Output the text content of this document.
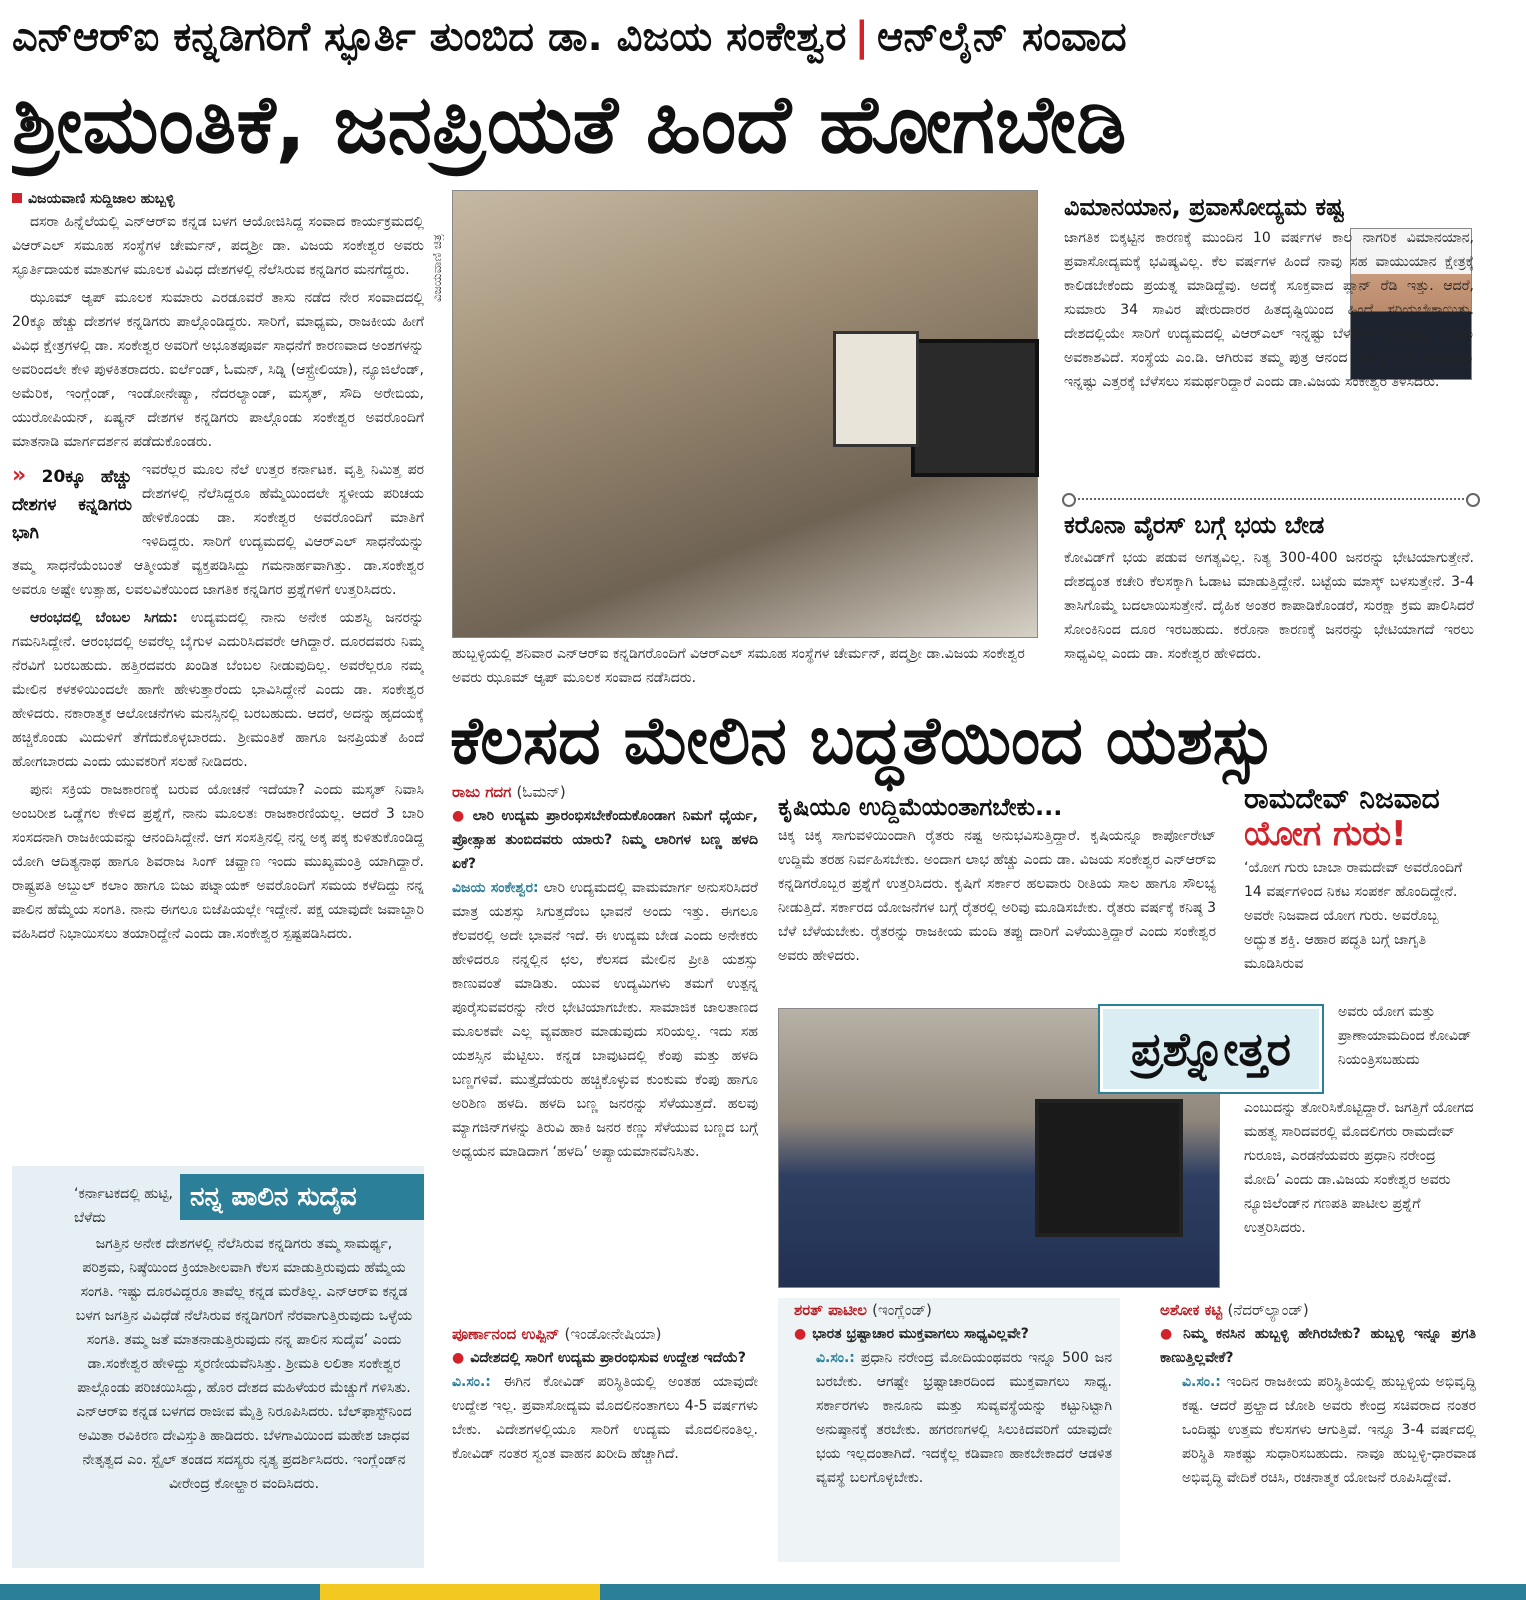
ಎನ್‌ಆರ್‌ಐ ಕನ್ನಡಿಗರಿಗೆ ಸ್ಫೂರ್ತಿ ತುಂಬಿದ ಡಾ. ವಿಜಯ ಸಂಕೇಶ್ವರ | ಆನ್‌ಲೈನ್ ಸಂವಾದ
ಶ್ರೀಮಂತಿಕೆ, ಜನಪ್ರಿಯತೆ ಹಿಂದೆ ಹೋಗಬೇಡಿ
ವಿಜಯವಾಣಿ ಸುದ್ದಿಜಾಲ ಹುಬ್ಬಳ್ಳಿ

ದಸರಾ ಹಿನ್ನೆಲೆಯಲ್ಲಿ ಎನ್‌ಆರ್‌ಐ ಕನ್ನಡ ಬಳಗ ಆಯೋಜಿಸಿದ್ದ ಸಂವಾದ ಕಾರ್ಯಕ್ರಮದಲ್ಲಿ ವಿಆರ್‌ಎಲ್ ಸಮೂಹ ಸಂಸ್ಥೆಗಳ ಚೇರ್ಮನ್, ಪದ್ಮಶ್ರೀ ಡಾ. ವಿಜಯ ಸಂಕೇಶ್ವರ ಅವರು ಸ್ಫೂರ್ತಿದಾಯಕ ಮಾತುಗಳ ಮೂಲಕ ವಿವಿಧ ದೇಶಗಳಲ್ಲಿ ನೆಲೆಸಿರುವ ಕನ್ನಡಿಗರ ಮನಗೆದ್ದರು.

ಝೂಮ್ ಆ್ಯಪ್ ಮೂಲಕ ಸುಮಾರು ಎರಡೂವರೆ ತಾಸು ನಡೆದ ನೇರ ಸಂವಾದದಲ್ಲಿ 20ಕ್ಕೂ ಹೆಚ್ಚು ದೇಶಗಳ ಕನ್ನಡಿಗರು ಪಾಲ್ಗೊಂಡಿದ್ದರು. ಸಾರಿಗೆ, ಮಾಧ್ಯಮ, ರಾಜಕೀಯ ಹೀಗೆ ವಿವಿಧ ಕ್ಷೇತ್ರಗಳಲ್ಲಿ ಡಾ. ಸಂಕೇಶ್ವರ ಅವರಿಗೆ ಅಭೂತಪೂರ್ವ ಸಾಧನೆಗೆ ಕಾರಣವಾದ ಅಂಶಗಳನ್ನು ಅವರಿಂದಲೇ ಕೇಳಿ ಪುಳಕಿತರಾದರು. ಐರ್ಲೆಂಡ್, ಓಮನ್, ಸಿಡ್ನಿ (ಆಸ್ಟ್ರೇಲಿಯಾ), ನ್ಯೂಜಿಲೆಂಡ್, ಅಮೆರಿಕ, ಇಂಗ್ಲೆಂಡ್, ಇಂಡೋನೇಷ್ಯಾ, ನೆದರಲ್ಯಾಂಡ್, ಮಸ್ಕತ್, ಸೌದಿ ಅರೇಬಿಯ, ಯುರೋಪಿಯನ್, ಏಷ್ಯನ್ ದೇಶಗಳ ಕನ್ನಡಿಗರು ಪಾಲ್ಗೊಂಡು ಸಂಕೇಶ್ವರ ಅವರೊಂದಿಗೆ ಮಾತನಾಡಿ ಮಾರ್ಗದರ್ಶನ ಪಡೆದುಕೊಂಡರು.

» 20ಕ್ಕೂ ಹೆಚ್ಚು ದೇಶಗಳ ಕನ್ನಡಿಗರು ಭಾಗಿ

ಇವರೆಲ್ಲರ ಮೂಲ ನೆಲೆ ಉತ್ತರ ಕರ್ನಾಟಕ. ವೃತ್ತಿ ನಿಮಿತ್ತ ಪರ ದೇಶಗಳಲ್ಲಿ ನೆಲೆಸಿದ್ದರೂ ಹೆಮ್ಮೆಯಿಂದಲೇ ಸ್ಥಳೀಯ ಪರಿಚಯ ಹೇಳಿಕೊಂಡು ಡಾ. ಸಂಕೇಶ್ವರ ಅವರೊಂದಿಗೆ ಮಾತಿಗೆ ಇಳಿದಿದ್ದರು. ಸಾರಿಗೆ ಉದ್ಯಮದಲ್ಲಿ ವಿಆರ್‌ಎಲ್ ಸಾಧನೆಯನ್ನು ತಮ್ಮ ಸಾಧನೆಯೆಂಬಂತೆ ಆತ್ಮೀಯತೆ ವ್ಯಕ್ತಪಡಿಸಿದ್ದು ಗಮನಾರ್ಹವಾಗಿತ್ತು. ಡಾ.ಸಂಕೇಶ್ವರ ಅವರೂ ಅಷ್ಟೇ ಉತ್ಸಾಹ, ಲವಲವಿಕೆಯಿಂದ ಜಾಗತಿಕ ಕನ್ನಡಿಗರ ಪ್ರಶ್ನೆಗಳಿಗೆ ಉತ್ತರಿಸಿದರು.

ಆರಂಭದಲ್ಲಿ ಬೆಂಬಲ ಸಿಗದು: ಉದ್ಯಮದಲ್ಲಿ ನಾನು ಅನೇಕ ಯಶಸ್ವಿ ಜನರನ್ನು ಗಮನಿಸಿದ್ದೇನೆ. ಆರಂಭದಲ್ಲಿ ಅವರೆಲ್ಲ ಬೈಗುಳ ಎದುರಿಸಿದವರೇ ಆಗಿದ್ದಾರೆ. ದೂರದವರು ನಿಮ್ಮ ನೆರವಿಗೆ ಬರಬಹುದು. ಹತ್ತಿರದವರು ಖಂಡಿತ ಬೆಂಬಲ ನೀಡುವುದಿಲ್ಲ. ಅವರೆಲ್ಲರೂ ನಮ್ಮ ಮೇಲಿನ ಕಳಕಳಿಯಿಂದಲೇ ಹಾಗೇ ಹೇಳುತ್ತಾರೆಂದು ಭಾವಿಸಿದ್ದೇನೆ ಎಂದು ಡಾ. ಸಂಕೇಶ್ವರ ಹೇಳಿದರು. ನಕಾರಾತ್ಮಕ ಆಲೋಚನೆಗಳು ಮನಸ್ಸಿನಲ್ಲಿ ಬರಬಹುದು. ಆದರೆ, ಅದನ್ನು ಹೃದಯಕ್ಕೆ ಹಚ್ಚಿಕೊಂಡು ಮಿದುಳಿಗೆ ತೆಗೆದುಕೊಳ್ಳಬಾರದು. ಶ್ರೀಮಂತಿಕೆ ಹಾಗೂ ಜನಪ್ರಿಯತೆ ಹಿಂದೆ ಹೋಗಬಾರದು ಎಂದು ಯುವಕರಿಗೆ ಸಲಹೆ ನೀಡಿದರು.

ಪುನಃ ಸಕ್ರಿಯ ರಾಜಕಾರಣಕ್ಕೆ ಬರುವ ಯೋಚನೆ ಇದೆಯಾ? ಎಂದು ಮಸ್ಕತ್ ನಿವಾಸಿ ಅಂಬರೀಶ ಒಡ್ಡೆಗಲ ಕೇಳಿದ ಪ್ರಶ್ನೆಗೆ, ನಾನು ಮೂಲತಃ ರಾಜಕಾರಣಿಯಲ್ಲ. ಆದರೆ 3 ಬಾರಿ ಸಂಸದನಾಗಿ ರಾಜಕೀಯವನ್ನು ಆನಂದಿಸಿದ್ದೇನೆ. ಆಗ ಸಂಸತ್ತಿನಲ್ಲಿ ನನ್ನ ಅಕ್ಕ ಪಕ್ಕ ಕುಳಿತುಕೊಂಡಿದ್ದ ಯೋಗಿ ಆದಿತ್ಯನಾಥ ಹಾಗೂ ಶಿವರಾಜ ಸಿಂಗ್ ಚವ್ಹಾಣ ಇಂದು ಮುಖ್ಯಮಂತ್ರಿ ಯಾಗಿದ್ದಾರೆ. ರಾಷ್ಟ್ರಪತಿ ಅಬ್ದುಲ್ ಕಲಾಂ ಹಾಗೂ ಬಿಜು ಪಟ್ನಾಯಕ್ ಅವರೊಂದಿಗೆ ಸಮಯ ಕಳೆದಿದ್ದು ನನ್ನ ಪಾಲಿನ ಹೆಮ್ಮೆಯ ಸಂಗತಿ. ನಾನು ಈಗಲೂ ಬಿಜೆಪಿಯಲ್ಲೇ ಇದ್ದೇನೆ. ಪಕ್ಷ ಯಾವುದೇ ಜವಾಬ್ದಾರಿ ವಹಿಸಿದರೆ ನಿಭಾಯಿಸಲು ತಯಾರಿದ್ದೇನೆ ಎಂದು ಡಾ.ಸಂಕೇಶ್ವರ ಸ್ಪಷ್ಟಪಡಿಸಿದರು.

‘ಕರ್ನಾಟಕದಲ್ಲಿ ಹುಟ್ಟಿ, ಬೆಳೆದು
ನನ್ನ ಪಾಲಿನ ಸುದೈವ
ಜಗತ್ತಿನ ಅನೇಕ ದೇಶಗಳಲ್ಲಿ ನೆಲೆಸಿರುವ ಕನ್ನಡಿಗರು ತಮ್ಮ ಸಾಮರ್ಥ್ಯ, ಪರಿಶ್ರಮ, ನಿಷ್ಠೆಯಿಂದ ಕ್ರಿಯಾಶೀಲವಾಗಿ ಕೆಲಸ ಮಾಡುತ್ತಿರುವುದು ಹೆಮ್ಮೆಯ ಸಂಗತಿ. ಇಷ್ಟು ದೂರವಿದ್ದರೂ ತಾವೆಲ್ಲ ಕನ್ನಡ ಮರೆತಿಲ್ಲ. ಎನ್‌ಆರ್‌ಐ ಕನ್ನಡ ಬಳಗ ಜಗತ್ತಿನ ವಿವಿಧೆಡೆ ನೆಲೆಸಿರುವ ಕನ್ನಡಿಗರಿಗೆ ನೆರವಾಗುತ್ತಿರುವುದು ಒಳ್ಳೆಯ ಸಂಗತಿ. ತಮ್ಮ ಜತೆ ಮಾತನಾಡುತ್ತಿರುವುದು ನನ್ನ ಪಾಲಿನ ಸುದೈವ’ ಎಂದು ಡಾ.ಸಂಕೇಶ್ವರ ಹೇಳಿದ್ದು ಸ್ಮರಣೀಯವೆನಿಸಿತ್ತು. ಶ್ರೀಮತಿ ಲಲಿತಾ ಸಂಕೇಶ್ವರ ಪಾಲ್ಗೊಂಡು ಪರಿಚಯಿಸಿದ್ದು, ಹೊರ ದೇಶದ ಮಹಿಳೆಯರ ಮೆಚ್ಚುಗೆ ಗಳಿಸಿತು. ಎನ್‌ಆರ್‌ಐ ಕನ್ನಡ ಬಳಗದ ರಾಜೀವ ಮೈತ್ರಿ ನಿರೂಪಿಸಿದರು. ಬೆಲ್‌ಫಾಸ್ಟ್‌ನಿಂದ ಅಮಿತಾ ರವಿಕಿರಣ ದೇವಿಸ್ತುತಿ ಹಾಡಿದರು. ಬೆಳಗಾವಿಯಿಂದ ಮಹೇಶ ಜಾಧವ ನೇತೃತ್ವದ ಎಂ. ಸ್ಟೈಲ್ ತಂಡದ ಸದಸ್ಯರು ನೃತ್ಯ ಪ್ರದರ್ಶಿಸಿದರು. ಇಂಗ್ಲೆಂಡ್‌ನ ವೀರೇಂದ್ರ ಕೋಲ್ಹಾರ ವಂದಿಸಿದರು.
ವಿಜಯವಾಣಿ ಚಿತ್ರ
ಹುಬ್ಬಳ್ಳಿಯಲ್ಲಿ ಶನಿವಾರ ಎನ್‌ಆರ್‌ಐ ಕನ್ನಡಿಗರೊಂದಿಗೆ ವಿಆರ್‌ಎಲ್ ಸಮೂಹ ಸಂಸ್ಥೆಗಳ ಚೇರ್ಮನ್, ಪದ್ಮಶ್ರೀ ಡಾ.ವಿಜಯ ಸಂಕೇಶ್ವರ ಅವರು ಝೂಮ್ ಆ್ಯಪ್ ಮೂಲಕ ಸಂವಾದ ನಡೆಸಿದರು.
ವಿಮಾನಯಾನ, ಪ್ರವಾಸೋದ್ಯಮ ಕಷ್ಟ
ಜಾಗತಿಕ ಬಿಕ್ಕಟ್ಟಿನ ಕಾರಣಕ್ಕೆ ಮುಂದಿನ 10 ವರ್ಷಗಳ ಕಾಲ ನಾಗರಿಕ ವಿಮಾನಯಾನ, ಪ್ರವಾಸೋದ್ಯಮಕ್ಕೆ ಭವಿಷ್ಯವಿಲ್ಲ. ಕೆಲ ವರ್ಷಗಳ ಹಿಂದೆ ನಾವು ಸಹ ವಾಯುಯಾನ ಕ್ಷೇತ್ರಕ್ಕೆ ಕಾಲಿಡಬೇಕೆಂದು ಪ್ರಯತ್ನ ಮಾಡಿದ್ದೆವು. ಅದಕ್ಕೆ ಸೂಕ್ತವಾದ ಪ್ಲಾನ್ ರೆಡಿ ಇತ್ತು. ಆದರೆ, ಸುಮಾರು 34 ಸಾವಿರ ಷೇರುದಾರರ ಹಿತದೃಷ್ಟಿಯಿಂದ ಹಿಂದೆ ಸರಿಯಬೇಕಾಯಿತು. ದೇಶದಲ್ಲಿಯೇ ಸಾರಿಗೆ ಉದ್ಯಮದಲ್ಲಿ ವಿಆರ್‌ಎಲ್ ಇನ್ನಷ್ಟು ಬೆಳವಣಿಗೆ ಹೊಂದಲು ಸಾಕಷ್ಟು ಅವಕಾಶವಿದೆ. ಸಂಸ್ಥೆಯ ಎಂ.ಡಿ. ಆಗಿರುವ ತಮ್ಮ ಪುತ್ರ ಆನಂದ ಸಂಕೇಶ್ವರ ಈ ಸಂಸ್ಥೆಯನ್ನು ಇನ್ನಷ್ಟು ಎತ್ತರಕ್ಕೆ ಬೆಳೆಸಲು ಸಮರ್ಥರಿದ್ದಾರೆ ಎಂದು ಡಾ.ವಿಜಯ ಸಂಕೇಶ್ವರ ತಿಳಿಸಿದರು.
ಕರೊನಾ ವೈರಸ್ ಬಗ್ಗೆ ಭಯ ಬೇಡ
ಕೋವಿಡ್‌ಗೆ ಭಯ ಪಡುವ ಅಗತ್ಯವಿಲ್ಲ. ನಿತ್ಯ 300-400 ಜನರನ್ನು ಭೇಟಿಯಾಗುತ್ತೇನೆ. ದೇಶದ್ಯಂತ ಕಚೇರಿ ಕೆಲಸಕ್ಕಾಗಿ ಓಡಾಟ ಮಾಡುತ್ತಿದ್ದೇನೆ. ಬಟ್ಟೆಯ ಮಾಸ್ಕ್ ಬಳಸುತ್ತೇನೆ. 3-4 ತಾಸಿಗೊಮ್ಮೆ ಬದಲಾಯಿಸುತ್ತೇನೆ. ದೈಹಿಕ ಅಂತರ ಕಾಪಾಡಿಕೊಂಡರೆ, ಸುರಕ್ಷಾ ಕ್ರಮ ಪಾಲಿಸಿದರೆ ಸೋಂಕಿನಿಂದ ದೂರ ಇರಬಹುದು. ಕರೊನಾ ಕಾರಣಕ್ಕೆ ಜನರನ್ನು ಭೇಟಿಯಾಗದೆ ಇರಲು ಸಾಧ್ಯವಿಲ್ಲ ಎಂದು ಡಾ. ಸಂಕೇಶ್ವರ ಹೇಳಿದರು.
ಕೆಲಸದ ಮೇಲಿನ ಬದ್ಧತೆಯಿಂದ ಯಶಸ್ಸು
ರಾಜು ಗದಗ (ಓಮನ್)
● ಲಾರಿ ಉದ್ಯಮ ಪ್ರಾರಂಭಿಸಬೇಕೆಂದುಕೊಂಡಾಗ ನಿಮಗೆ ಧೈರ್ಯ, ಪ್ರೋತ್ಸಾಹ ತುಂಬಿದವರು ಯಾರು? ನಿಮ್ಮ ಲಾರಿಗಳ ಬಣ್ಣ ಹಳದಿ ಏಕೆ?
ವಿಜಯ ಸಂಕೇಶ್ವರ: ಲಾರಿ ಉದ್ಯಮದಲ್ಲಿ ವಾಮಮಾರ್ಗ ಅನುಸರಿಸಿದರೆ ಮಾತ್ರ ಯಶಸ್ಸು ಸಿಗುತ್ತದೆಂಬ ಭಾವನೆ ಅಂದು ಇತ್ತು. ಈಗಲೂ ಕೆಲವರಲ್ಲಿ ಅದೇ ಭಾವನೆ ಇದೆ. ಈ ಉದ್ಯಮ ಬೇಡ ಎಂದು ಅನೇಕರು ಹೇಳಿದರೂ ನನ್ನಲ್ಲಿನ ಛಲ, ಕೆಲಸದ ಮೇಲಿನ ಪ್ರೀತಿ ಯಶಸ್ಸು ಕಾಣುವಂತೆ ಮಾಡಿತು. ಯುವ ಉದ್ಯಮಿಗಳು ತಮಗೆ ಉತ್ಪನ್ನ ಪೂರೈಸುವವರನ್ನು ನೇರ ಭೇಟಿಯಾಗಬೇಕು. ಸಾಮಾಜಿಕ ಜಾಲತಾಣದ ಮೂಲಕವೇ ಎಲ್ಲ ವ್ಯವಹಾರ ಮಾಡುವುದು ಸರಿಯಲ್ಲ. ಇದು ಸಹ ಯಶಸ್ಸಿನ ಮೆಟ್ಟಿಲು. ಕನ್ನಡ ಬಾವುಟದಲ್ಲಿ ಕೆಂಪು ಮತ್ತು ಹಳದಿ ಬಣ್ಣಗಳಿವೆ. ಮುತ್ತೈದೆಯರು ಹಚ್ಚಿಕೊಳ್ಳುವ ಕುಂಕುಮ ಕೆಂಪು ಹಾಗೂ ಅರಿಶಿಣ ಹಳದಿ. ಹಳದಿ ಬಣ್ಣ ಜನರನ್ನು ಸೆಳೆಯುತ್ತದೆ. ಹಲವು ಮ್ಯಾಗಜಿನ್‌ಗಳನ್ನು ತಿರುವಿ ಹಾಕಿ ಜನರ ಕಣ್ಣು ಸೆಳೆಯುವ ಬಣ್ಣದ ಬಗ್ಗೆ ಅಧ್ಯಯನ ಮಾಡಿದಾಗ ‘ಹಳದಿ’ ಅಪ್ಯಾಯಮಾನವೆನಿಸಿತು.
ಪೂರ್ಣಾನಂದ ಉಪ್ಪಿನ್ (ಇಂಡೋನೇಷಿಯಾ)
● ವಿದೇಶದಲ್ಲಿ ಸಾರಿಗೆ ಉದ್ಯಮ ಪ್ರಾರಂಭಿಸುವ ಉದ್ದೇಶ ಇದೆಯೆ?
ವಿ.ಸಂ.: ಈಗಿನ ಕೋವಿಡ್ ಪರಿಸ್ಥಿತಿಯಲ್ಲಿ ಅಂತಹ ಯಾವುದೇ ಉದ್ದೇಶ ಇಲ್ಲ. ಪ್ರವಾಸೋದ್ಯಮ ಮೊದಲಿನಂತಾಗಲು 4-5 ವರ್ಷಗಳು ಬೇಕು. ವಿದೇಶಗಳಲ್ಲಿಯೂ ಸಾರಿಗೆ ಉದ್ಯಮ ಮೊದಲಿನಂತಿಲ್ಲ. ಕೋವಿಡ್ ನಂತರ ಸ್ವಂತ ವಾಹನ ಖರೀದಿ ಹೆಚ್ಚಾಗಿದೆ.
ಕೃಷಿಯೂ ಉದ್ದಿಮೆಯಂತಾಗಬೇಕು...
ಚಿಕ್ಕ ಚಿಕ್ಕ ಸಾಗುವಳಿಯಿಂದಾಗಿ ರೈತರು ನಷ್ಟ ಅನುಭವಿಸುತ್ತಿದ್ದಾರೆ. ಕೃಷಿಯನ್ನೂ ಕಾರ್ಪೋರೇಟ್ ಉದ್ದಿಮೆ ತರಹ ನಿರ್ವಹಿಸಬೇಕು. ಅಂದಾಗ ಲಾಭ ಹೆಚ್ಚು ಎಂದು ಡಾ. ವಿಜಯ ಸಂಕೇಶ್ವರ ಎನ್‌ಆರ್‌ಐ ಕನ್ನಡಿಗರೊಬ್ಬರ ಪ್ರಶ್ನೆಗೆ ಉತ್ತರಿಸಿದರು. ಕೃಷಿಗೆ ಸರ್ಕಾರ ಹಲವಾರು ರೀತಿಯ ಸಾಲ ಹಾಗೂ ಸೌಲಭ್ಯ ನೀಡುತ್ತಿದೆ. ಸರ್ಕಾರದ ಯೋಜನೆಗಳ ಬಗ್ಗೆ ರೈತರಲ್ಲಿ ಅರಿವು ಮೂಡಿಸಬೇಕು. ರೈತರು ವರ್ಷಕ್ಕೆ ಕನಿಷ್ಠ 3 ಬೆಳೆ ಬೆಳೆಯಬೇಕು. ರೈತರನ್ನು ರಾಜಕೀಯ ಮಂದಿ ತಪ್ಪು ದಾರಿಗೆ ಎಳೆಯುತ್ತಿದ್ದಾರೆ ಎಂದು ಸಂಕೇಶ್ವರ ಅವರು ಹೇಳಿದರು.
ಪ್ರಶ್ನೋತ್ತರ
ರಾಮದೇವ್ ನಿಜವಾದ
ಯೋಗ ಗುರು!
‘ಯೋಗ ಗುರು ಬಾಬಾ ರಾಮದೇವ್ ಅವರೊಂದಿಗೆ 14 ವರ್ಷಗಳಿಂದ ನಿಕಟ ಸಂಪರ್ಕ ಹೊಂದಿದ್ದೇನೆ. ಅವರೇ ನಿಜವಾದ ಯೋಗ ಗುರು. ಅವರೊಬ್ಬ ಅದ್ಭುತ ಶಕ್ತಿ. ಆಹಾರ ಪದ್ಧತಿ ಬಗ್ಗೆ ಜಾಗೃತಿ ಮೂಡಿಸಿರುವ
ಅವರು ಯೋಗ ಮತ್ತು ಪ್ರಾಣಾಯಾಮದಿಂದ ಕೋವಿಡ್ ನಿಯಂತ್ರಿಸಬಹುದು
ಎಂಬುದನ್ನು ತೋರಿಸಿಕೊಟ್ಟಿದ್ದಾರೆ. ಜಗತ್ತಿಗೆ ಯೋಗದ ಮಹತ್ವ ಸಾರಿದವರಲ್ಲಿ ಮೊದಲಿಗರು ರಾಮದೇವ್ ಗುರೂಜಿ, ಎರಡನೆಯವರು ಪ್ರಧಾನಿ ನರೇಂದ್ರ ಮೋದಿ’ ಎಂದು ಡಾ.ವಿಜಯ ಸಂಕೇಶ್ವರ ಅವರು ನ್ಯೂಜಿಲೆಂಡ್‌ನ ಗಣಪತಿ ಪಾಟೀಲ ಪ್ರಶ್ನೆಗೆ ಉತ್ತರಿಸಿದರು.
ಶರತ್ ಪಾಟೀಲ (ಇಂಗ್ಲೆಂಡ್)
● ಭಾರತ ಭ್ರಷ್ಟಾಚಾರ ಮುಕ್ತವಾಗಲು ಸಾಧ್ಯವಿಲ್ಲವೇ?
ವಿ.ಸಂ.: ಪ್ರಧಾನಿ ನರೇಂದ್ರ ಮೋದಿಯಂಥವರು ಇನ್ನೂ 500 ಜನ ಬರಬೇಕು. ಆಗಷ್ಟೇ ಭ್ರಷ್ಟಾಚಾರದಿಂದ ಮುಕ್ತವಾಗಲು ಸಾಧ್ಯ. ಸರ್ಕಾರಗಳು ಕಾನೂನು ಮತ್ತು ಸುವ್ಯವಸ್ಥೆಯನ್ನು ಕಟ್ಟುನಿಟ್ಟಾಗಿ ಅನುಷ್ಠಾನಕ್ಕೆ ತರಬೇಕು. ಹಗರಣಗಳಲ್ಲಿ ಸಿಲುಕಿದವರಿಗೆ ಯಾವುದೇ ಭಯ ಇಲ್ಲದಂತಾಗಿದೆ. ಇದಕ್ಕೆಲ್ಲ ಕಡಿವಾಣ ಹಾಕಬೇಕಾದರೆ ಆಡಳಿತ ವ್ಯವಸ್ಥೆ ಬಲಗೊಳ್ಳಬೇಕು.
ಅಶೋಕ ಕಟ್ಟಿ (ನೆದರ್‌ಲ್ಯಾಂಡ್)
● ನಿಮ್ಮ ಕನಸಿನ ಹುಬ್ಬಳ್ಳಿ ಹೇಗಿರಬೇಕು? ಹುಬ್ಬಳ್ಳಿ ಇನ್ನೂ ಪ್ರಗತಿ ಕಾಣುತ್ತಿಲ್ಲವೇಕೆ?
ವಿ.ಸಂ.: ಇಂದಿನ ರಾಜಕೀಯ ಪರಿಸ್ಥಿತಿಯಲ್ಲಿ ಹುಬ್ಬಳ್ಳಿಯ ಅಭಿವೃದ್ಧಿ ಕಷ್ಟ. ಆದರೆ ಪ್ರಲ್ಹಾದ ಜೋಶಿ ಅವರು ಕೇಂದ್ರ ಸಚಿವರಾದ ನಂತರ ಒಂದಿಷ್ಟು ಉತ್ತಮ ಕೆಲಸಗಳು ಆಗುತ್ತಿವೆ. ಇನ್ನೂ 3-4 ವರ್ಷದಲ್ಲಿ ಪರಿಸ್ಥಿತಿ ಸಾಕಷ್ಟು ಸುಧಾರಿಸಬಹುದು. ನಾವೂ ಹುಬ್ಬಳ್ಳಿ-ಧಾರವಾಡ ಅಭಿವೃದ್ಧಿ ವೇದಿಕೆ ರಚಿಸಿ, ರಚನಾತ್ಮಕ ಯೋಜನೆ ರೂಪಿಸಿದ್ದೇವೆ.
